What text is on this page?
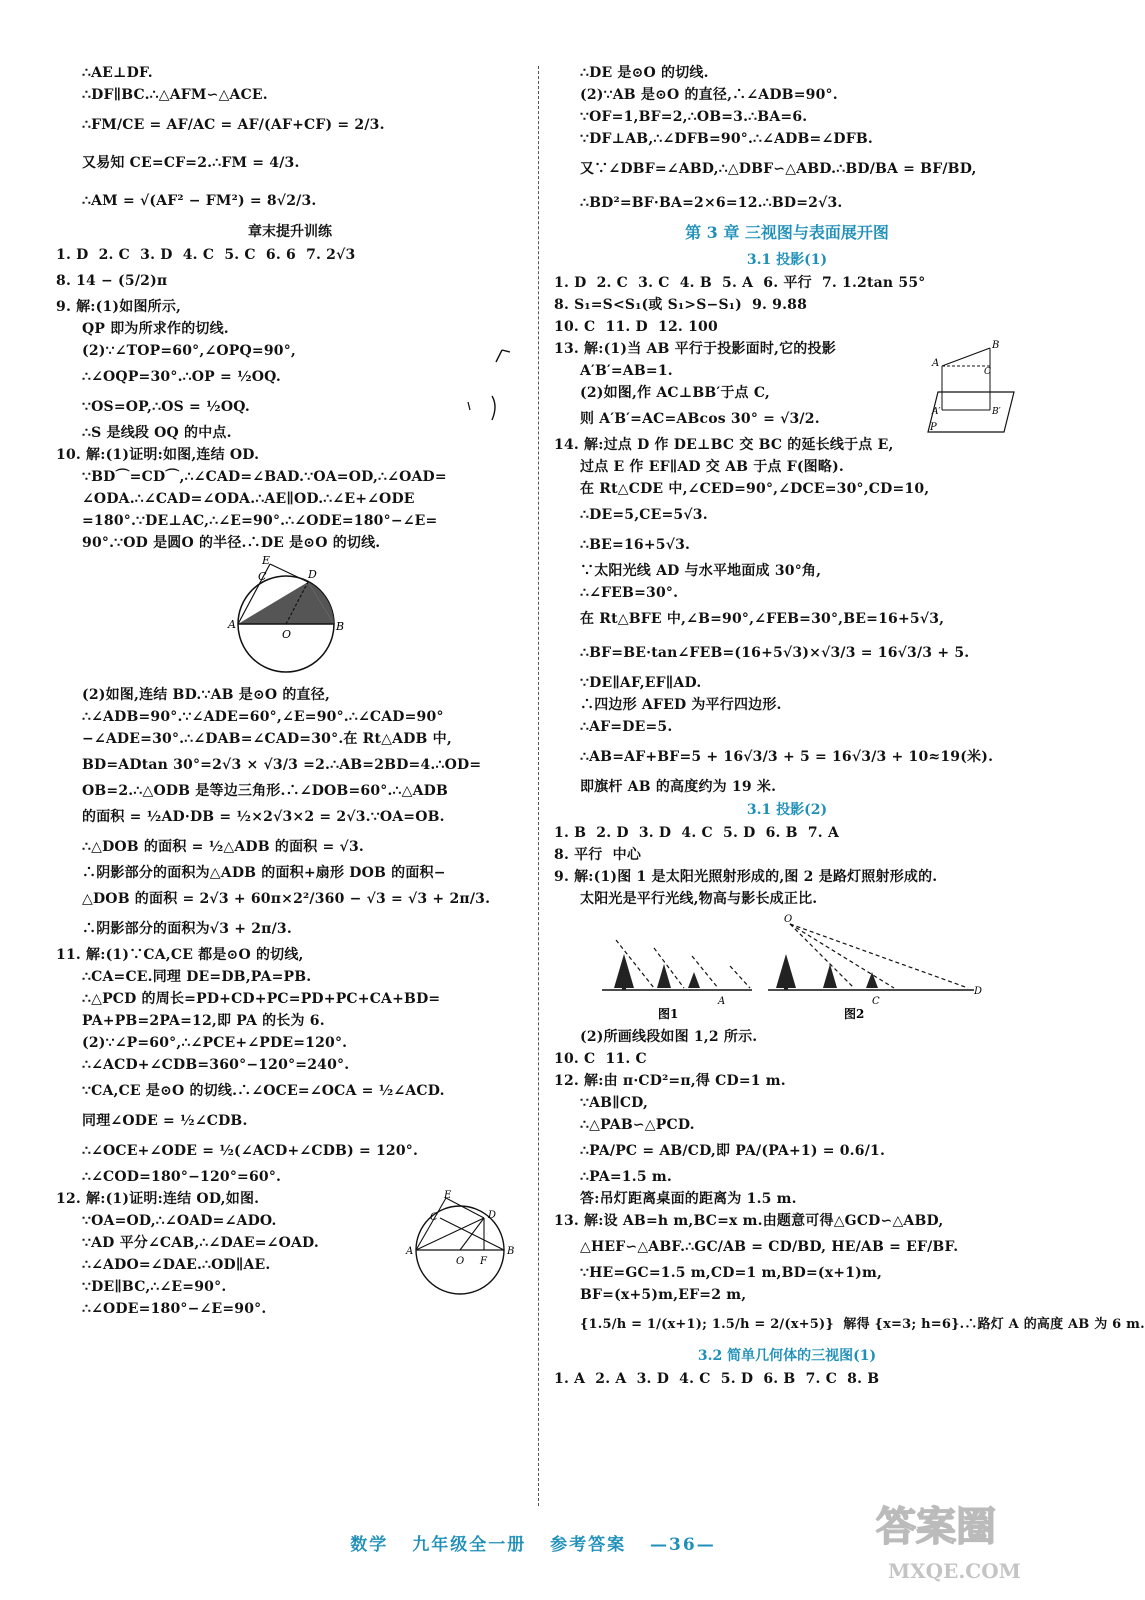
∴AE⊥DF.
∴DF∥BC.∴△AFM∽△ACE.
∴FM/CE = AF/AC = AF/(AF+CF) = 2/3.
又易知 CE=CF=2.∴FM = 4/3.
∴AM = √(AF² − FM²) = 8√2/3.
章末提升训练
1. D  2. C  3. D  4. C  5. C  6. 6  7. 2√3
8. 14 − (5/2)π
9. 解:(1)如图所示,
QP 即为所求作的切线.
(2)∵∠TOP=60°,∠OPQ=90°,
∴∠OQP=30°.∴OP = ½OQ.
∵OS=OP,∴OS = ½OQ.
∴S 是线段 OQ 的中点.
10. 解:(1)证明:如图,连结 OD.
∵BD⌒=CD⌒,∴∠CAD=∠BAD.∵OA=OD,∴∠OAD=
∠ODA.∴∠CAD=∠ODA.∴AE∥OD.∴∠E+∠ODE
=180°.∵DE⊥AC,∴∠E=90°.∴∠ODE=180°−∠E=
90°.∵OD 是圆O 的半径.∴DE 是⊙O 的切线.
E
C	D
A
O
B
(2)如图,连结 BD.∵AB 是⊙O 的直径,
∴∠ADB=90°.∵∠ADE=60°,∠E=90°.∴∠CAD=90°
−∠ADE=30°.∴∠DAB=∠CAD=30°.在 Rt△ADB 中,
BD=ADtan 30°=2√3 × √3/3 =2.∴AB=2BD=4.∴OD=
OB=2.∴△ODB 是等边三角形.∴∠DOB=60°.∴△ADB
的面积 = ½AD·DB = ½×2√3×2 = 2√3.∵OA=OB.
∴△DOB 的面积 = ½△ADB 的面积 = √3.
∴阴影部分的面积为△ADB 的面积+扇形 DOB 的面积−
△DOB 的面积 = 2√3 + 60π×2²/360 − √3 = √3 + 2π/3.
∴阴影部分的面积为√3 + 2π/3.
11. 解:(1)∵CA,CE 都是⊙O 的切线,
∴CA=CE.同理 DE=DB,PA=PB.
∴△PCD 的周长=PD+CD+PC=PD+PC+CA+BD=
PA+PB=2PA=12,即 PA 的长为 6.
(2)∵∠P=60°,∴∠PCE+∠PDE=120°.
∴∠ACD+∠CDB=360°−120°=240°.
∵CA,CE 是⊙O 的切线.∴∠OCE=∠OCA = ½∠ACD.
同理∠ODE = ½∠CDB.
∴∠OCE+∠ODE = ½(∠ACD+∠CDB) = 120°.
∴∠COD=180°−120°=60°.
12. 解:(1)证明:连结 OD,如图.
∵OA=OD,∴∠OAD=∠ADO.
∵AD 平分∠CAB,∴∠DAE=∠OAD.
∴∠ADO=∠DAE.∴OD∥AE.
∵DE∥BC,∴∠E=90°.
∴∠ODE=180°−∠E=90°.
E
C	D
A
O F
B
∴DE 是⊙O 的切线.
(2)∵AB 是⊙O 的直径,∴∠ADB=90°.
∵OF=1,BF=2,∴OB=3.∴BA=6.
∵DF⊥AB,∴∠DFB=90°.∴∠ADB=∠DFB.
又∵∠DBF=∠ABD,∴△DBF∽△ABD.∴BD/BA = BF/BD,
∴BD²=BF·BA=2×6=12.∴BD=2√3.
第 3 章 三视图与表面展开图
3.1 投影(1)
1. D  2. C  3. C  4. B  5. A  6. 平行  7. 1.2tan 55°
8. S₁=S<S₁(或 S₁>S−S₁)  9. 9.88
10. C  11. D  12. 100
13. 解:(1)当 AB 平行于投影面时,它的投影
A′B′=AB=1.
(2)如图,作 AC⊥BB′于点 C,
则 A′B′=AC=ABcos 30° = √3/2.
A
B
C
A′	B′
P
14. 解:过点 D 作 DE⊥BC 交 BC 的延长线于点 E,
过点 E 作 EF∥AD 交 AB 于点 F(图略).
在 Rt△CDE 中,∠CED=90°,∠DCE=30°,CD=10,
∴DE=5,CE=5√3.
∴BE=16+5√3.
∵太阳光线 AD 与水平地面成 30°角,
∴∠FEB=30°.
在 Rt△BFE 中,∠B=90°,∠FEB=30°,BE=16+5√3,
∴BF=BE·tan∠FEB=(16+5√3)×√3/3 = 16√3/3 + 5.
∵DE∥AF,EF∥AD.
∴四边形 AFED 为平行四边形.
∴AF=DE=5.
∴AB=AF+BF=5 + 16√3/3 + 5 = 16√3/3 + 10≈19(米).
即旗杆 AB 的高度约为 19 米.
3.1 投影(2)
1. B  2. D  3. D  4. C  5. D  6. B  7. A
8. 平行  中心
9. 解:(1)图 1 是太阳光照射形成的,图 2 是路灯照射形成的.
太阳光是平行光线,物高与影长成正比.
A
图1
O
C
D
图2
(2)所画线段如图 1,2 所示.
10. C  11. C
12. 解:由 π·CD²=π,得 CD=1 m.
∵AB∥CD,
∴△PAB∽△PCD.
∴PA/PC = AB/CD,即 PA/(PA+1) = 0.6/1.
∴PA=1.5 m.
答:吊灯距离桌面的距离为 1.5 m.
13. 解:设 AB=h m,BC=x m.由题意可得△GCD∽△ABD,
△HEF∽△ABF.∴GC/AB = CD/BD, HE/AB = EF/BF.
∵HE=GC=1.5 m,CD=1 m,BD=(x+1)m,
BF=(x+5)m,EF=2 m,
{1.5/h = 1/(x+1); 1.5/h = 2/(x+5)}  解得 {x=3; h=6}.∴路灯 A 的高度 AB 为 6 m.
3.2 简单几何体的三视图(1)
1. A  2. A  3. D  4. C  5. D  6. B  7. C  8. B
数学 九年级全一册 参考答案 —36—	答案圈
MXQE.COM
